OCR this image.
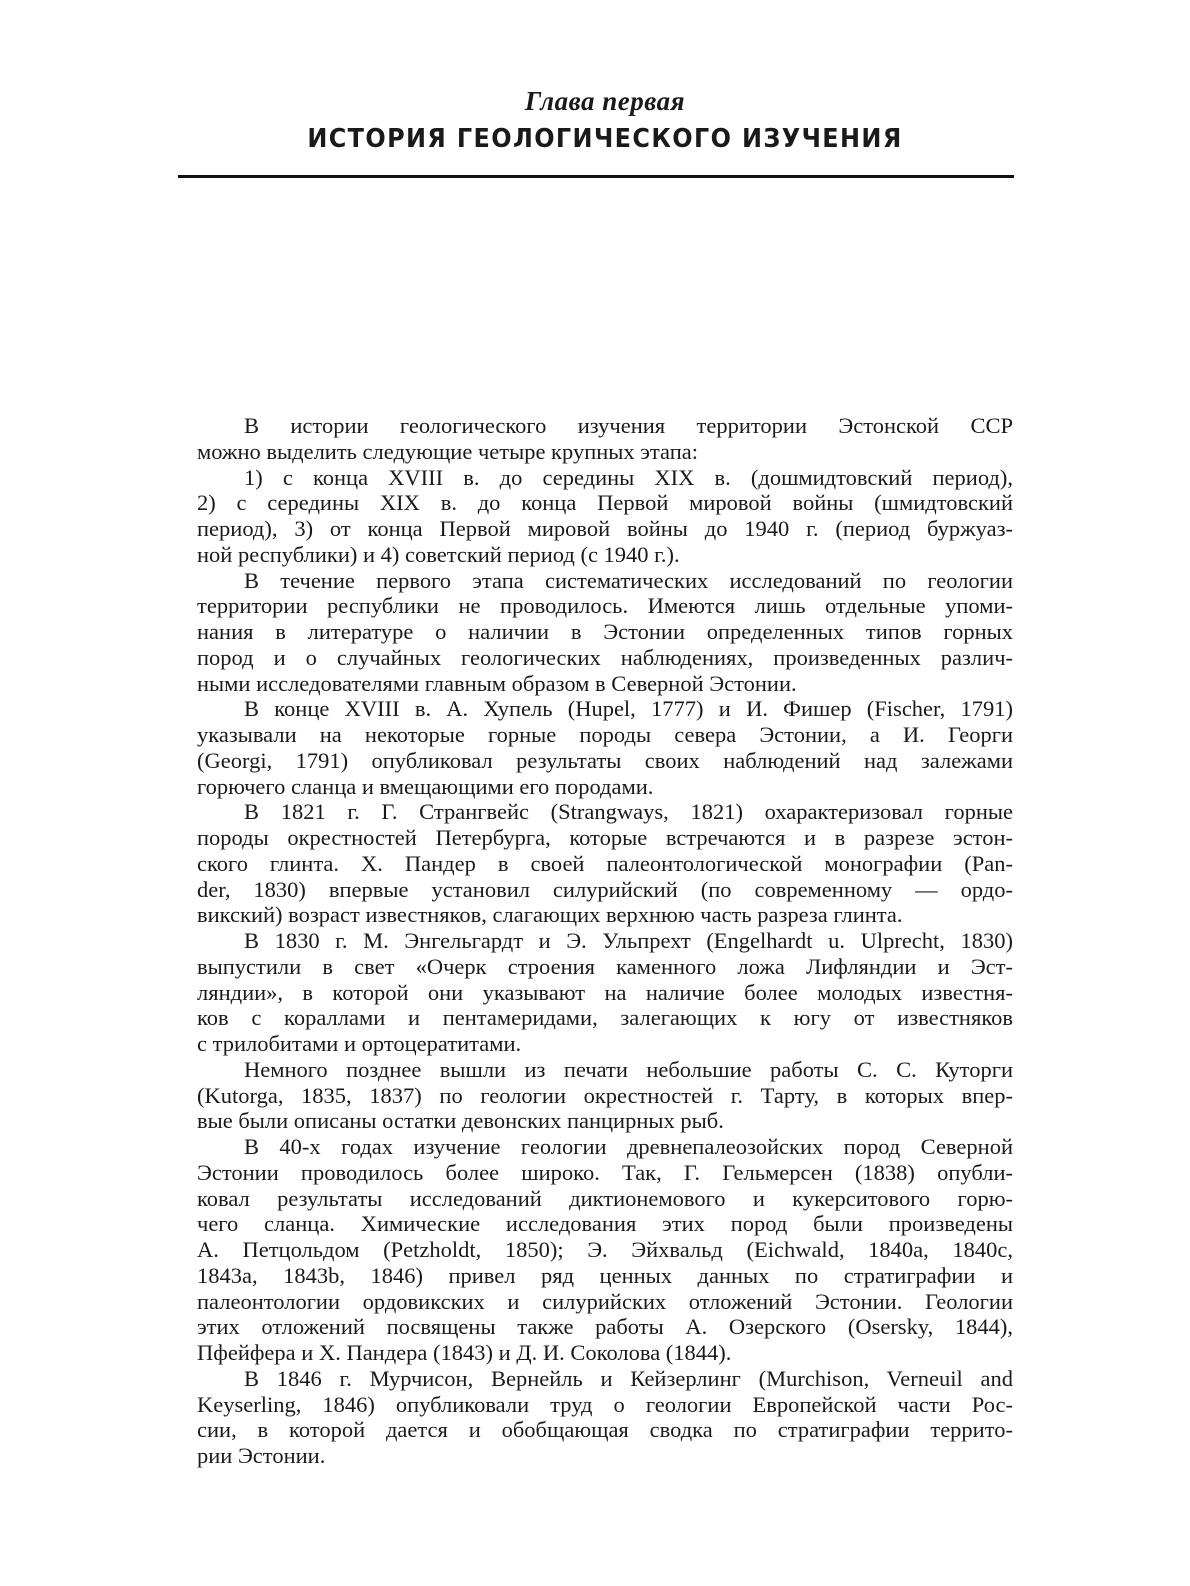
Глава первая
ИСТОРИЯ ГЕОЛОГИЧЕСКОГО ИЗУЧЕНИЯ
В истории геологического изучения территории Эстонской ССР
можно выделить следующие четыре крупных этапа:
1) с конца XVIII в. до середины XIX в. (дошмидтовский период),
2) с середины XIX в. до конца Первой мировой войны (шмидтовский
период), 3) от конца Первой мировой войны до 1940 г. (период буржуаз-
ной республики) и 4) советский период (с 1940 г.).
В течение первого этапа систематических исследований по геологии
территории республики не проводилось. Имеются лишь отдельные упоми-
нания в литературе о наличии в Эстонии определенных типов горных
пород и о случайных геологических наблюдениях, произведенных различ-
ными исследователями главным образом в Северной Эстонии.
В конце XVIII в. А. Хупель (Hupel, 1777) и И. Фишер (Fischer, 1791)
указывали на некоторые горные породы севера Эстонии, а И. Георги
(Georgi, 1791) опубликовал результаты своих наблюдений над залежами
горючего сланца и вмещающими его породами.
В 1821 г. Г. Странгвейс (Strangways, 1821) охарактеризовал горные
породы окрестностей Петербурга, которые встречаются и в разрезе эстон-
ского глинта. Х. Пандер в своей палеонтологической монографии (Pan-
der, 1830) впервые установил силурийский (по современному — ордо-
викский) возраст известняков, слагающих верхнюю часть разреза глинта.
В 1830 г. М. Энгельгардт и Э. Ульпрехт (Engelhardt u. Ulprecht, 1830)
выпустили в свет «Очерк строения каменного ложа Лифляндии и Эст-
ляндии», в которой они указывают на наличие более молодых известня-
ков с кораллами и пентамеридами, залегающих к югу от известняков
с трилобитами и ортоцератитами.
Немного позднее вышли из печати небольшие работы С. С. Куторги
(Kutorga, 1835, 1837) по геологии окрестностей г. Тарту, в которых впер-
вые были описаны остатки девонских панцирных рыб.
В 40-х годах изучение геологии древнепалеозойских пород Северной
Эстонии проводилось более широко. Так, Г. Гельмерсен (1838) опубли-
ковал результаты исследований диктионемового и кукерситового горю-
чего сланца. Химические исследования этих пород были произведены
А. Петцольдом (Petzholdt, 1850); Э. Эйхвальд (Eichwald, 1840a, 1840c,
1843a, 1843b, 1846) привел ряд ценных данных по стратиграфии и
палеонтологии ордовикских и силурийских отложений Эстонии. Геологии
этих отложений посвящены также работы А. Озерского (Osersky, 1844),
Пфейфера и Х. Пандера (1843) и Д. И. Соколова (1844).
В 1846 г. Мурчисон, Вернейль и Кейзерлинг (Murchison, Verneuil and
Keyserling, 1846) опубликовали труд о геологии Европейской части Рос-
сии, в которой дается и обобщающая сводка по стратиграфии террито-
рии Эстонии.
